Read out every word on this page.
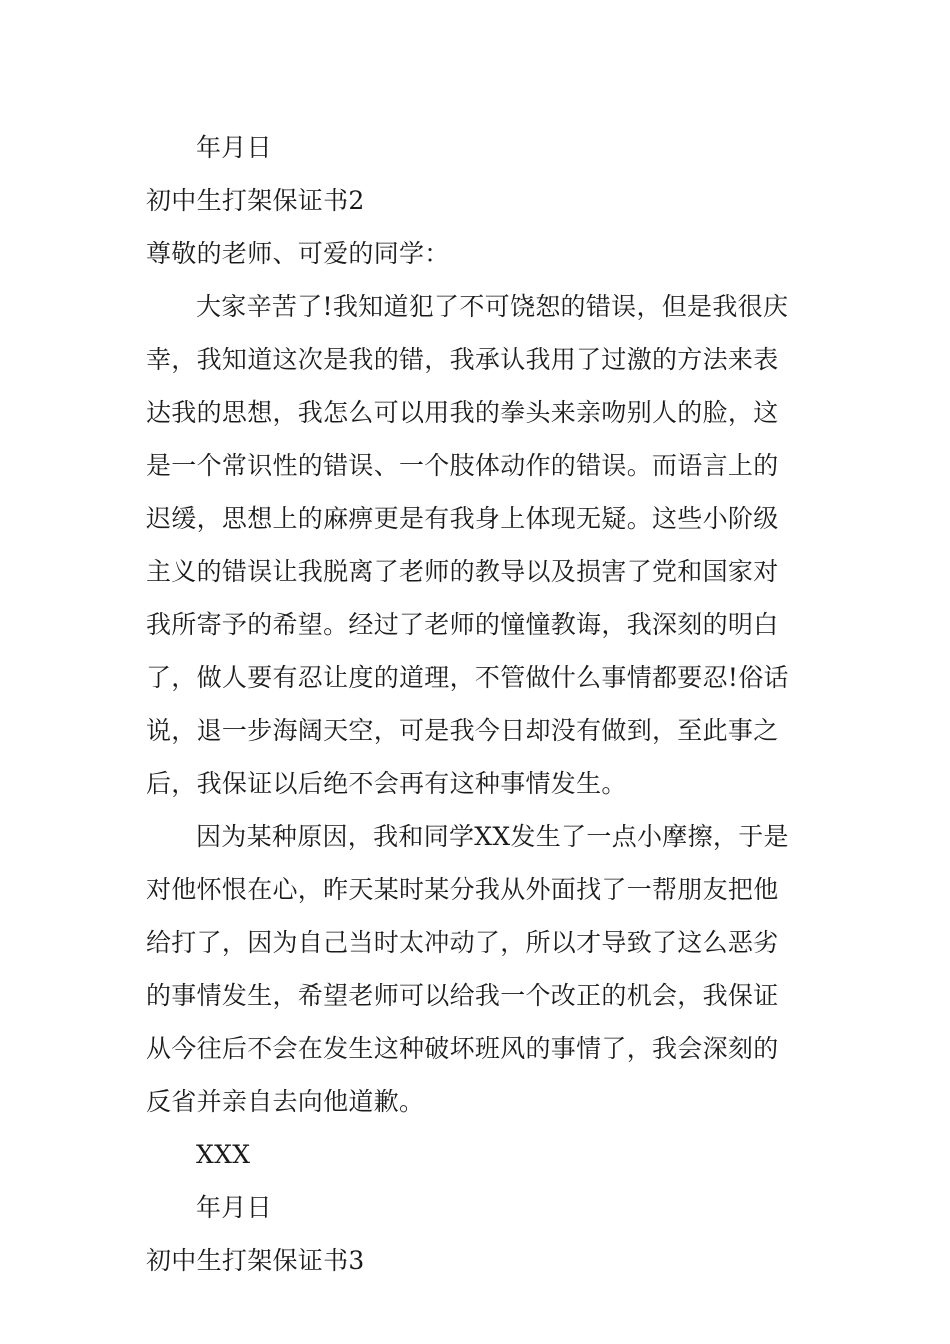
年月日
初中生打架保证书2
尊敬的老师、可爱的同学：
大家辛苦了!我知道犯了不可饶恕的错误，但是我很庆
幸，我知道这次是我的错，我承认我用了过激的方法来表
达我的思想，我怎么可以用我的拳头来亲吻别人的脸，这
是一个常识性的错误、一个肢体动作的错误。而语言上的
迟缓，思想上的麻痹更是有我身上体现无疑。这些小阶级
主义的错误让我脱离了老师的教导以及损害了党和国家对
我所寄予的希望。经过了老师的憧憧教诲，我深刻的明白
了，做人要有忍让度的道理，不管做什么事情都要忍!俗话
说，退一步海阔天空，可是我今日却没有做到，至此事之
后，我保证以后绝不会再有这种事情发生。
因为某种原因，我和同学XX发生了一点小摩擦，于是
对他怀恨在心，昨天某时某分我从外面找了一帮朋友把他
给打了，因为自己当时太冲动了，所以才导致了这么恶劣
的事情发生，希望老师可以给我一个改正的机会，我保证
从今往后不会在发生这种破坏班风的事情了，我会深刻的
反省并亲自去向他道歉。
XXX
年月日
初中生打架保证书3
